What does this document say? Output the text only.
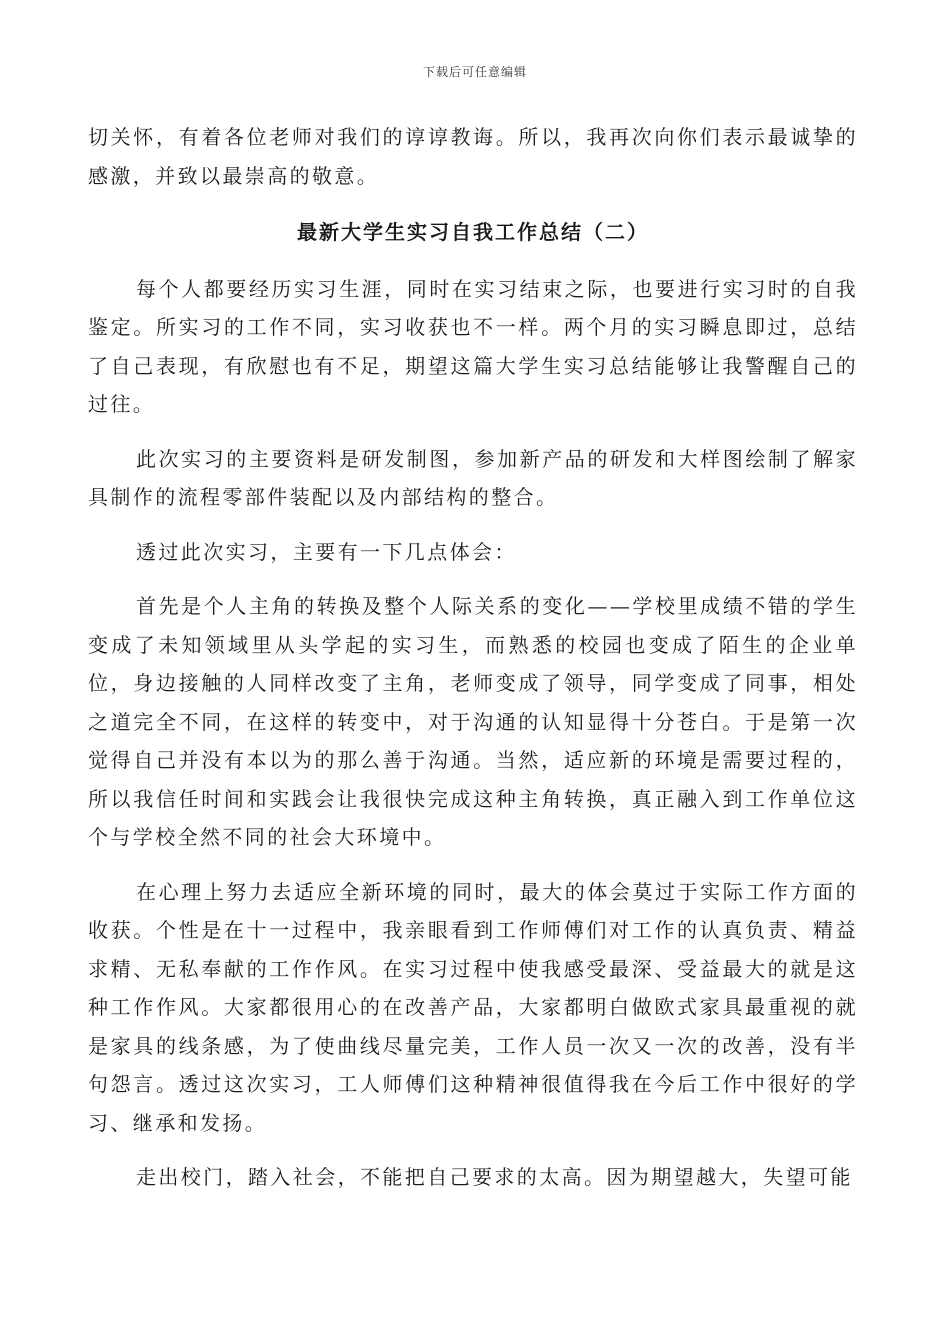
下载后可任意编辑

切关怀，有着各位老师对我们的谆谆教诲。所以，我再次向你们表示最诚挚的感激，并致以最崇高的敬意。

最新大学生实习自我工作总结（二）

每个人都要经历实习生涯，同时在实习结束之际，也要进行实习时的自我鉴定。所实习的工作不同，实习收获也不一样。两个月的实习瞬息即过，总结了自己表现，有欣慰也有不足，期望这篇大学生实习总结能够让我警醒自己的过往。

此次实习的主要资料是研发制图，参加新产品的研发和大样图绘制了解家具制作的流程零部件装配以及内部结构的整合。

透过此次实习，主要有一下几点体会：

首先是个人主角的转换及整个人际关系的变化——学校里成绩不错的学生变成了未知领域里从头学起的实习生，而熟悉的校园也变成了陌生的企业单位，身边接触的人同样改变了主角，老师变成了领导，同学变成了同事，相处之道完全不同，在这样的转变中，对于沟通的认知显得十分苍白。于是第一次觉得自己并没有本以为的那么善于沟通。当然，适应新的环境是需要过程的，所以我信任时间和实践会让我很快完成这种主角转换，真正融入到工作单位这个与学校全然不同的社会大环境中。

在心理上努力去适应全新环境的同时，最大的体会莫过于实际工作方面的收获。个性是在十一过程中，我亲眼看到工作师傅们对工作的认真负责、精益求精、无私奉献的工作作风。在实习过程中使我感受最深、受益最大的就是这种工作作风。大家都很用心的在改善产品，大家都明白做欧式家具最重视的就是家具的线条感，为了使曲线尽量完美，工作人员一次又一次的改善，没有半句怨言。透过这次实习，工人师傅们这种精神很值得我在今后工作中很好的学习、继承和发扬。

走出校门，踏入社会，不能把自己要求的太高。因为期望越大，失望可能
